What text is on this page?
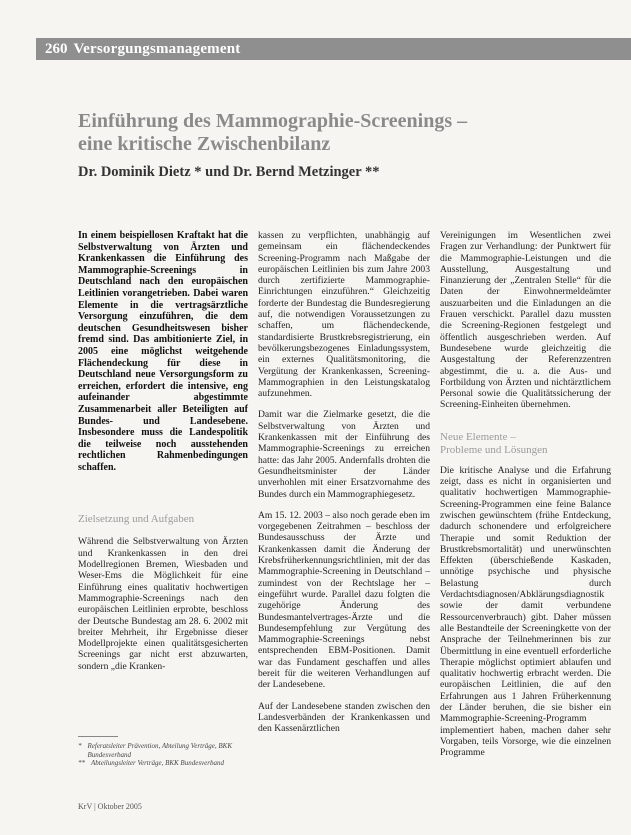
260 Versorgungsmanagement
Einführung des Mammographie-Screenings –
eine kritische Zwischenbilanz
Dr. Dominik Dietz * und Dr. Bernd Metzinger **

In einem beispiellosen Kraftakt hat die Selbstverwaltung von Ärzten und Krankenkassen die Einführung des Mammographie-Screenings in Deutschland nach den europäischen Leitlinien vorangetrieben. Dabei waren Elemente in die vertragsärztliche Versorgung einzuführen, die dem deutschen Gesundheitswesen bisher fremd sind. Das ambitionierte Ziel, in 2005 eine möglichst weitgehende Flächendeckung für diese in Deutschland neue Versorgungsform zu erreichen, erfordert die intensive, eng aufeinander abgestimmte Zusammenarbeit aller Beteiligten auf Bundes- und Landesebene. Insbesondere muss die Landespolitik die teilweise noch ausstehenden rechtlichen Rahmenbedingungen schaffen.

Zielsetzung und Aufgaben

Während die Selbstverwaltung von Ärzten und Krankenkassen in den drei Modellregionen Bremen, Wiesbaden und Weser-Ems die Möglichkeit für eine Einführung eines qualitativ hochwertigen Mammographie-Screenings nach den europäischen Leitlinien erprobte, beschloss der Deutsche Bundestag am 28. 6. 2002 mit breiter Mehrheit, ihr Ergebnisse dieser Modellprojekte einen qualitätsgesicherten Screenings gar nicht erst abzuwarten, sondern „die Kranken-

kassen zu verpflichten, unabhängig auf gemeinsam ein flächendeckendes Screening-Programm nach Maßgabe der europäischen Leitlinien bis zum Jahre 2003 durch zertifizierte Mammographie-Einrichtungen einzuführen.“ Gleichzeitig forderte der Bundestag die Bundesregierung auf, die notwendigen Voraussetzungen zu schaffen, um flächendeckende, standardisierte Brustkrebsregistrierung, ein bevölkerungsbezogenes Einladungssystem, ein externes Qualitätsmonitoring, die Vergütung der Krankenkassen, Screening-Mammographien in den Leistungskatalog aufzunehmen.

Damit war die Zielmarke gesetzt, die die Selbstverwaltung von Ärzten und Krankenkassen mit der Einführung des Mammographie-Screenings zu erreichen hatte: das Jahr 2005. Andernfalls drohten die Gesundheitsminister der Länder unverhohlen mit einer Ersatzvornahme des Bundes durch ein Mammographiegesetz.

Am 15. 12. 2003 – also noch gerade eben im vorgegebenen Zeitrahmen – beschloss der Bundesausschuss der Ärzte und Krankenkassen damit die Änderung der Krebsfrüherkennungsrichtlinien, mit der das Mammographie-Screening in Deutschland – zumindest von der Rechtslage her – eingeführt wurde. Parallel dazu folgten die zugehörige Änderung des Bundesmantelvertrages-Ärzte und die Bundesempfehlung zur Vergütung des Mammographie-Screenings nebst entsprechenden EBM-Positionen. Damit war das Fundament geschaffen und alles bereit für die weiteren Verhandlungen auf der Landesebene.

Auf der Landesebene standen zwischen den Landesverbänden der Krankenkassen und den Kassenärztlichen

Vereinigungen im Wesentlichen zwei Fragen zur Verhandlung: der Punktwert für die Mammographie-Leistungen und die Ausstellung, Ausgestaltung und Finanzierung der „Zentralen Stelle“ für die Daten der Einwohnermeldeämter auszuarbeiten und die Einladungen an die Frauen verschickt. Parallel dazu mussten die Screening-Regionen festgelegt und öffentlich ausgeschrieben werden. Auf Bundesebene wurde gleichzeitig die Ausgestaltung der Referenzzentren abgestimmt, die u. a. die Aus- und Fortbildung von Ärzten und nichtärztlichem Personal sowie die Qualitätssicherung der Screening-Einheiten übernehmen.

Neue Elemente –
Probleme und Lösungen

Die kritische Analyse und die Erfahrung zeigt, dass es nicht in organisierten und qualitativ hochwertigen Mammographie-Screening-Programmen eine feine Balance zwischen gewünschtem (frühe Entdeckung, dadurch schonendere und erfolgreichere Therapie und somit Reduktion der Brustkrebsmortalität) und unerwünschten Effekten (überschießende Kaskaden, unnötige psychische und physische Belastung durch Verdachtsdiagnosen/Abklärungsdiagnostik sowie der damit verbundene Ressourcenverbrauch) gibt. Daher müssen alle Bestandteile der Screeningkette von der Ansprache der Teilnehmerinnen bis zur Übermittlung in eine eventuell erforderliche Therapie möglichst optimiert ablaufen und qualitativ hochwertig erbracht werden. Die europäischen Leitlinien, die auf den Erfahrungen aus 1 Jahren Früherkennung der Länder beruhen, die sie bisher ein Mammographie-Screening-Programm implementiert haben, machen daher sehr Vorgaben, teils Vorsorge, wie die einzelnen Programme

* Referatsleiter Prävention, Abteilung Verträge, BKK Bundesverband
** Abteilungsleiter Verträge, BKK Bundesverband
KrV | Oktober 2005
